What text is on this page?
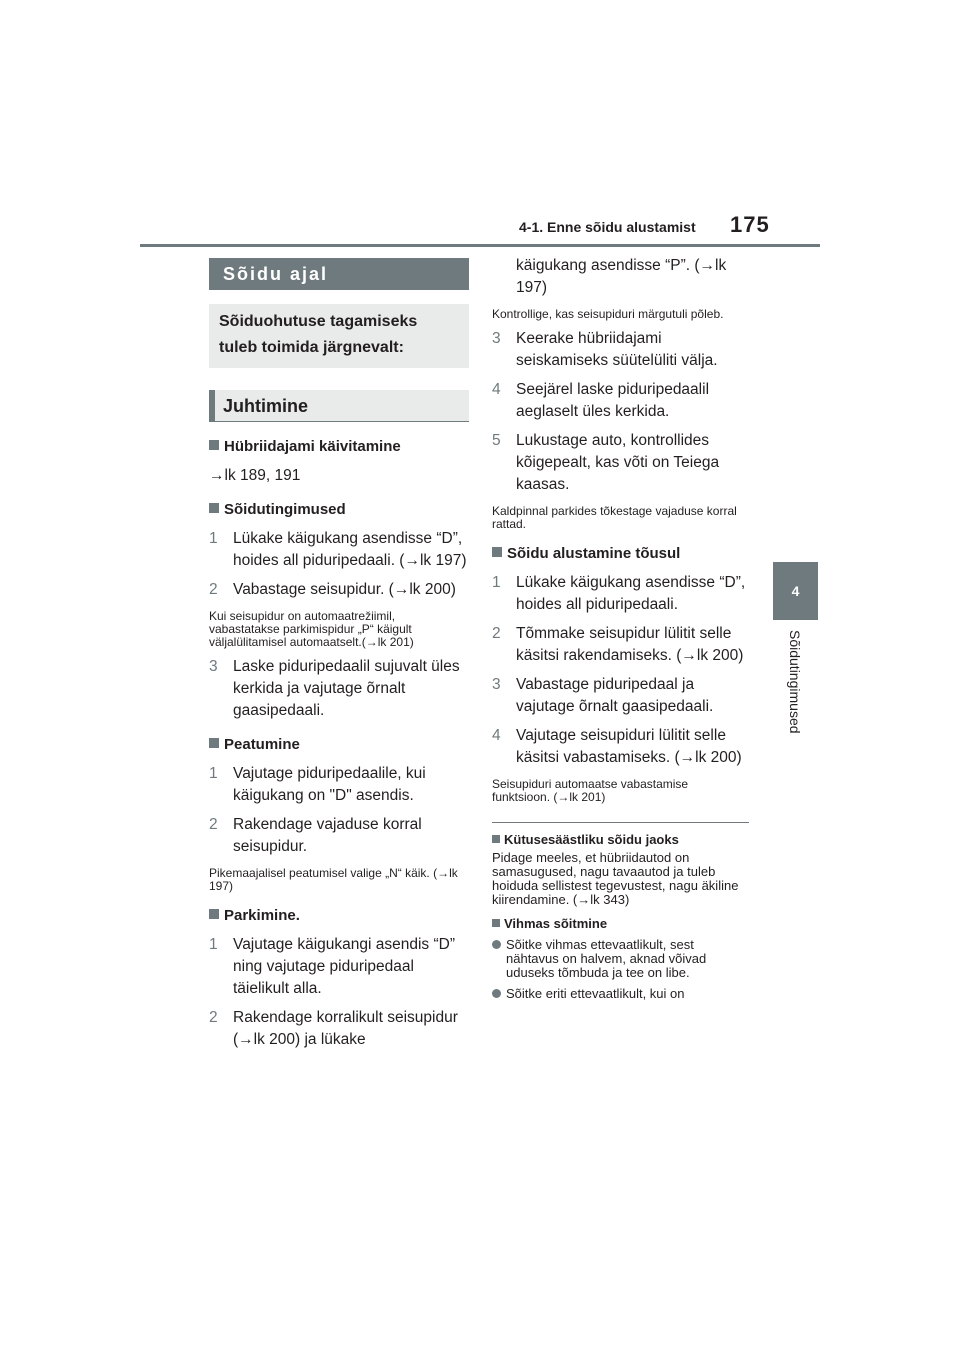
4-1. Enne sõidu alustamist 175
4
Sõidutingimused
Sõidu ajal
Sõiduohutuse tagamiseks tuleb toimida järgnevalt:
Juhtimine
Hübriidajami käivitamine
→lk 189, 191
Sõidutingimused
1 Lükake käigukang asendisse “D”, hoides all piduripedaali. (→lk 197)
2 Vabastage seisupidur. (→lk 200)
Kui seisupidur on automaatrežiimil, vabastatakse parkimispidur „P“ käigult väljalülitamisel automaatselt.(→lk 201)
3 Laske piduripedaalil sujuvalt üles kerkida ja vajutage õrnalt gaasipedaali.
Peatumine
1 Vajutage piduripedaalile, kui käigukang on "D" asendis.
2 Rakendage vajaduse korral seisupidur.
Pikemaajalisel peatumisel valige „N“ käik. (→lk 197)
Parkimine.
1 Vajutage käigukangi asendis “D” ning vajutage piduripedaal täielikult alla.
2 Rakendage korralikult seisupidur (→lk 200) ja lükake
käigukang asendisse “P”. (→lk 197)
Kontrollige, kas seisupiduri märgutuli põleb.
3 Keerake hübriidajami seiskamiseks süütelüliti välja.
4 Seejärel laske piduripedaalil aeglaselt üles kerkida.
5 Lukustage auto, kontrollides kõigepealt, kas võti on Teiega kaasas.
Kaldpinnal parkides tõkestage vajaduse korral rattad.
Sõidu alustamine tõusul
1 Lükake käigukang asendisse “D”, hoides all piduripedaali.
2 Tõmmake seisupidur lülitit selle käsitsi rakendamiseks. (→lk 200)
3 Vabastage piduripedaal ja vajutage õrnalt gaasipedaali.
4 Vajutage seisupiduri lülitit selle käsitsi vabastamiseks. (→lk 200)
Seisupiduri automaatse vabastamise funktsioon. (→lk 201)
Kütusesäästliku sõidu jaoks
Pidage meeles, et hübriidautod on samasugused, nagu tavaautod ja tuleb hoiduda sellistest tegevustest, nagu äkiline kiirendamine. (→lk 343)
Vihmas sõitmine
Sõitke vihmas ettevaatlikult, sest nähtavus on halvem, aknad võivad uduseks tõmbuda ja tee on libe.
Sõitke eriti ettevaatlikult, kui on
